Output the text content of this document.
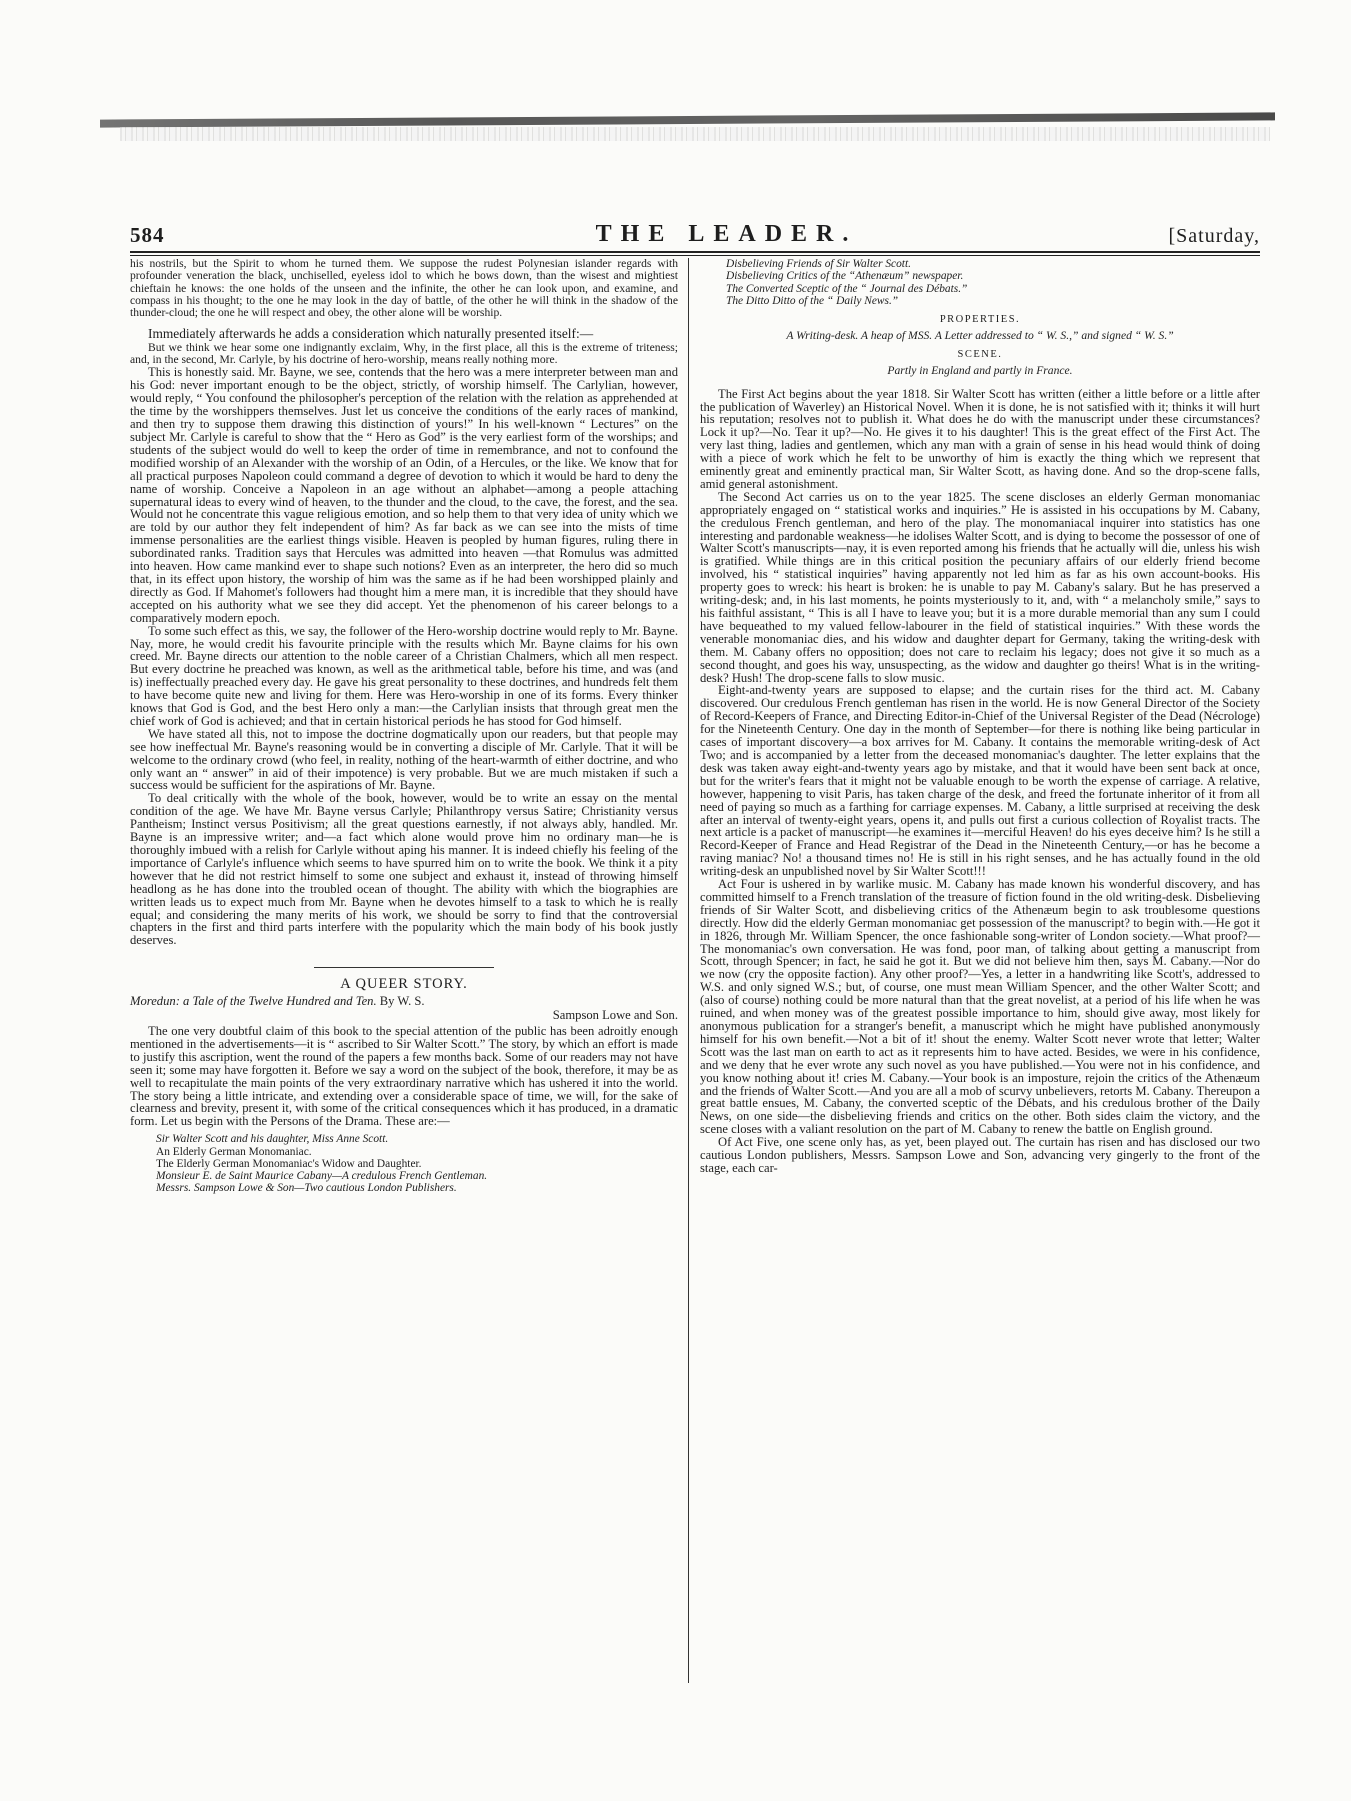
584	THE LEADER.	[Saturday,

his nostrils, but the Spirit to whom he turned them. We suppose the rudest Polynesian islander regards with profounder veneration the black, unchiselled, eyeless idol to which he bows down, than the wisest and mightiest chieftain he knows: the one holds of the unseen and the infinite, the other he can look upon, and examine, and compass in his thought; to the one he may look in the day of battle, of the other he will think in the shadow of the thunder-cloud; the one he will respect and obey, the other alone will be worship.

Immediately afterwards he adds a consideration which naturally presented itself:—

But we think we hear some one indignantly exclaim, Why, in the first place, all this is the extreme of triteness; and, in the second, Mr. Carlyle, by his doctrine of hero-worship, means really nothing more.

This is honestly said. Mr. Bayne, we see, contends that the hero was a mere interpreter between man and his God: never important enough to be the object, strictly, of worship himself. The Carlylian, however, would reply, “ You confound the philosopher's perception of the relation with the relation as apprehended at the time by the worshippers themselves. Just let us conceive the conditions of the early races of mankind, and then try to suppose them drawing this distinction of yours!” In his well-known “ Lectures” on the subject Mr. Carlyle is careful to show that the “ Hero as God” is the very earliest form of the worships; and students of the subject would do well to keep the order of time in remembrance, and not to confound the modified worship of an Alexander with the worship of an Odin, of a Hercules, or the like. We know that for all practical purposes Napoleon could command a degree of devotion to which it would be hard to deny the name of worship. Conceive a Napoleon in an age without an alphabet—among a people attaching supernatural ideas to every wind of heaven, to the thunder and the cloud, to the cave, the forest, and the sea. Would not he concentrate this vague religious emotion, and so help them to that very idea of unity which we are told by our author they felt independent of him? As far back as we can see into the mists of time immense personalities are the earliest things visible. Heaven is peopled by human figures, ruling there in subordinated ranks. Tradition says that Hercules was admitted into heaven —that Romulus was admitted into heaven. How came mankind ever to shape such notions? Even as an interpreter, the hero did so much that, in its effect upon history, the worship of him was the same as if he had been worshipped plainly and directly as God. If Mahomet's followers had thought him a mere man, it is incredible that they should have accepted on his authority what we see they did accept. Yet the phenomenon of his career belongs to a comparatively modern epoch.

To some such effect as this, we say, the follower of the Hero-worship doctrine would reply to Mr. Bayne. Nay, more, he would credit his favourite principle with the results which Mr. Bayne claims for his own creed. Mr. Bayne directs our attention to the noble career of a Christian Chalmers, which all men respect. But every doctrine he preached was known, as well as the arithmetical table, before his time, and was (and is) ineffectually preached every day. He gave his great personality to these doctrines, and hundreds felt them to have become quite new and living for them. Here was Hero-worship in one of its forms. Every thinker knows that God is God, and the best Hero only a man:—the Carlylian insists that through great men the chief work of God is achieved; and that in certain historical periods he has stood for God himself.

We have stated all this, not to impose the doctrine dogmatically upon our readers, but that people may see how ineffectual Mr. Bayne's reasoning would be in converting a disciple of Mr. Carlyle. That it will be welcome to the ordinary crowd (who feel, in reality, nothing of the heart-warmth of either doctrine, and who only want an “ answer” in aid of their impotence) is very probable. But we are much mistaken if such a success would be sufficient for the aspirations of Mr. Bayne.

To deal critically with the whole of the book, however, would be to write an essay on the mental condition of the age. We have Mr. Bayne versus Carlyle; Philanthropy versus Satire; Christianity versus Pantheism; Instinct versus Positivism; all the great questions earnestly, if not always ably, handled. Mr. Bayne is an impressive writer; and—a fact which alone would prove him no ordinary man—he is thoroughly imbued with a relish for Carlyle without aping his manner. It is indeed chiefly his feeling of the importance of Carlyle's influence which seems to have spurred him on to write the book. We think it a pity however that he did not restrict himself to some one subject and exhaust it, instead of throwing himself headlong as he has done into the troubled ocean of thought. The ability with which the biographies are written leads us to expect much from Mr. Bayne when he devotes himself to a task to which he is really equal; and considering the many merits of his work, we should be sorry to find that the controversial chapters in the first and third parts interfere with the popularity which the main body of his book justly deserves.

A QUEER STORY.
Moredun: a Tale of the Twelve Hundred and Ten. By W. S.
Sampson Lowe and Son.

The one very doubtful claim of this book to the special attention of the public has been adroitly enough mentioned in the advertisements—it is “ ascribed to Sir Walter Scott.” The story, by which an effort is made to justify this ascription, went the round of the papers a few months back. Some of our readers may not have seen it; some may have forgotten it. Before we say a word on the subject of the book, therefore, it may be as well to recapitulate the main points of the very extraordinary narrative which has ushered it into the world. The story being a little intricate, and extending over a considerable space of time, we will, for the sake of clearness and brevity, present it, with some of the critical consequences which it has produced, in a dramatic form. Let us begin with the Persons of the Drama. These are:—

Sir Walter Scott and his daughter, Miss Anne Scott.
An Elderly German Monomaniac.
The Elderly German Monomaniac's Widow and Daughter.
Monsieur E. de Saint Maurice Cabany—A credulous French Gentleman.
Messrs. Sampson Lowe & Son—Two cautious London Publishers.
Disbelieving Friends of Sir Walter Scott.
Disbelieving Critics of the “Athenæum” newspaper.
The Converted Sceptic of the “ Journal des Débats.”
The Ditto Ditto of the “ Daily News.”
PROPERTIES.
A Writing-desk. A heap of MSS. A Letter addressed to “ W. S.,” and signed “ W. S.”
SCENE.
Partly in England and partly in France.

The First Act begins about the year 1818. Sir Walter Scott has written (either a little before or a little after the publication of Waverley) an Historical Novel. When it is done, he is not satisfied with it; thinks it will hurt his reputation; resolves not to publish it. What does he do with the manuscript under these circumstances? Lock it up?—No. Tear it up?—No. He gives it to his daughter! This is the great effect of the First Act. The very last thing, ladies and gentlemen, which any man with a grain of sense in his head would think of doing with a piece of work which he felt to be unworthy of him is exactly the thing which we represent that eminently great and eminently practical man, Sir Walter Scott, as having done. And so the drop-scene falls, amid general astonishment.

The Second Act carries us on to the year 1825. The scene discloses an elderly German monomaniac appropriately engaged on “ statistical works and inquiries.” He is assisted in his occupations by M. Cabany, the credulous French gentleman, and hero of the play. The monomaniacal inquirer into statistics has one interesting and pardonable weakness—he idolises Walter Scott, and is dying to become the possessor of one of Walter Scott's manuscripts—nay, it is even reported among his friends that he actually will die, unless his wish is gratified. While things are in this critical position the pecuniary affairs of our elderly friend become involved, his “ statistical inquiries” having apparently not led him as far as his own account-books. His property goes to wreck: his heart is broken: he is unable to pay M. Cabany's salary. But he has preserved a writing-desk; and, in his last moments, he points mysteriously to it, and, with “ a melancholy smile,” says to his faithful assistant, “ This is all I have to leave you; but it is a more durable memorial than any sum I could have bequeathed to my valued fellow-labourer in the field of statistical inquiries.” With these words the venerable monomaniac dies, and his widow and daughter depart for Germany, taking the writing-desk with them. M. Cabany offers no opposition; does not care to reclaim his legacy; does not give it so much as a second thought, and goes his way, unsuspecting, as the widow and daughter go theirs! What is in the writing-desk? Hush! The drop-scene falls to slow music.

Eight-and-twenty years are supposed to elapse; and the curtain rises for the third act. M. Cabany discovered. Our credulous French gentleman has risen in the world. He is now General Director of the Society of Record-Keepers of France, and Directing Editor-in-Chief of the Universal Register of the Dead (Nécrologe) for the Nineteenth Century. One day in the month of September—for there is nothing like being particular in cases of important discovery—a box arrives for M. Cabany. It contains the memorable writing-desk of Act Two; and is accompanied by a letter from the deceased monomaniac's daughter. The letter explains that the desk was taken away eight-and-twenty years ago by mistake, and that it would have been sent back at once, but for the writer's fears that it might not be valuable enough to be worth the expense of carriage. A relative, however, happening to visit Paris, has taken charge of the desk, and freed the fortunate inheritor of it from all need of paying so much as a farthing for carriage expenses. M. Cabany, a little surprised at receiving the desk after an interval of twenty-eight years, opens it, and pulls out first a curious collection of Royalist tracts. The next article is a packet of manuscript—he examines it—merciful Heaven! do his eyes deceive him? Is he still a Record-Keeper of France and Head Registrar of the Dead in the Nineteenth Century,—or has he become a raving maniac? No! a thousand times no! He is still in his right senses, and he has actually found in the old writing-desk an unpublished novel by Sir Walter Scott!!!

Act Four is ushered in by warlike music. M. Cabany has made known his wonderful discovery, and has committed himself to a French translation of the treasure of fiction found in the old writing-desk. Disbelieving friends of Sir Walter Scott, and disbelieving critics of the Athenæum begin to ask troublesome questions directly. How did the elderly German monomaniac get possession of the manuscript? to begin with.—He got it in 1826, through Mr. William Spencer, the once fashionable song-writer of London society.—What proof?—The monomaniac's own conversation. He was fond, poor man, of talking about getting a manuscript from Scott, through Spencer; in fact, he said he got it. But we did not believe him then, says M. Cabany.—Nor do we now (cry the opposite faction). Any other proof?—Yes, a letter in a handwriting like Scott's, addressed to W.S. and only signed W.S.; but, of course, one must mean William Spencer, and the other Walter Scott; and (also of course) nothing could be more natural than that the great novelist, at a period of his life when he was ruined, and when money was of the greatest possible importance to him, should give away, most likely for anonymous publication for a stranger's benefit, a manuscript which he might have published anonymously himself for his own benefit.—Not a bit of it! shout the enemy. Walter Scott never wrote that letter; Walter Scott was the last man on earth to act as it represents him to have acted. Besides, we were in his confidence, and we deny that he ever wrote any such novel as you have published.—You were not in his confidence, and you know nothing about it! cries M. Cabany.—Your book is an imposture, rejoin the critics of the Athenæum and the friends of Walter Scott.—And you are all a mob of scurvy unbelievers, retorts M. Cabany. Thereupon a great battle ensues, M. Cabany, the converted sceptic of the Débats, and his credulous brother of the Daily News, on one side—the disbelieving friends and critics on the other. Both sides claim the victory, and the scene closes with a valiant resolution on the part of M. Cabany to renew the battle on English ground.

Of Act Five, one scene only has, as yet, been played out. The curtain has risen and has disclosed our two cautious London publishers, Messrs. Sampson Lowe and Son, advancing very gingerly to the front of the stage, each car-
